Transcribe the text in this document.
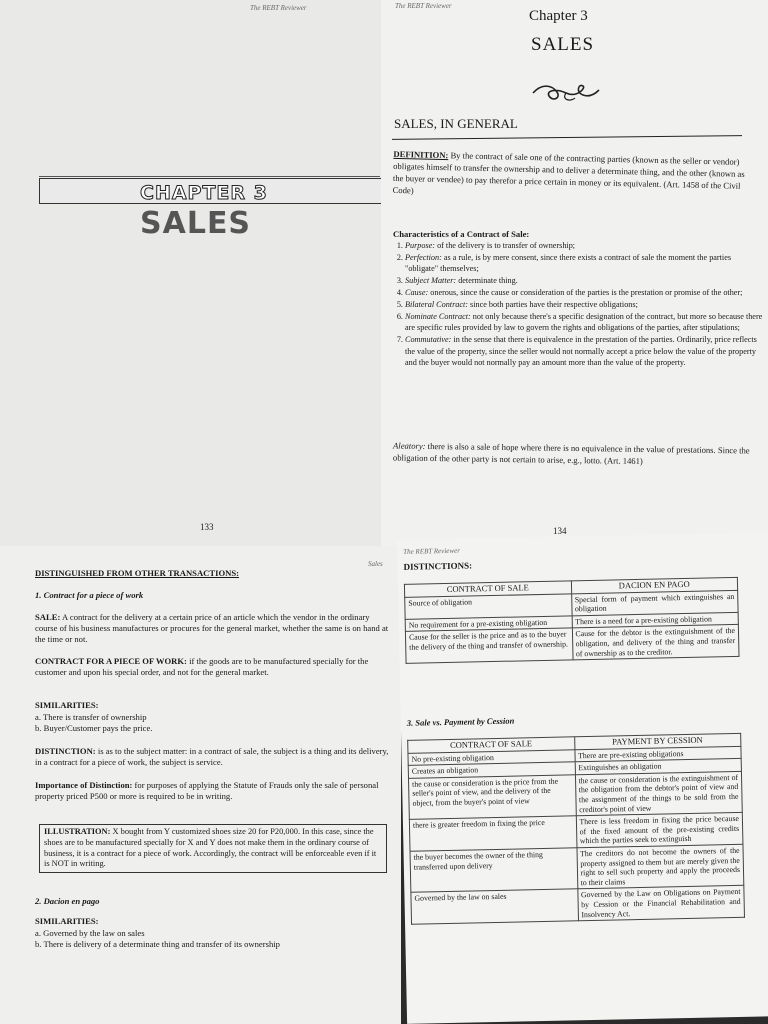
The REBT Reviewer
CHAPTER 3
SALES
133
The REBT Reviewer
Chapter 3
SALES
SALES, IN GENERAL
DEFINITION: By the contract of sale one of the contracting parties (known as the seller or vendor) obligates himself to transfer the ownership and to deliver a determinate thing, and the other (known as the buyer or vendee) to pay therefor a price certain in money or its equivalent. (Art. 1458 of the Civil Code)
Characteristics of a Contract of Sale:
1. Purpose: of the delivery is to transfer of ownership;
2. Perfection: as a rule, is by mere consent, since there exists a contract of sale the moment the parties "obligate" themselves;
3. Subject Matter: determinate thing.
4. Cause: onerous, since the cause or consideration of the parties is the prestation or promise of the other;
5. Bilateral Contract: since both parties have their respective obligations;
6. Nominate Contract: not only because there's a specific designation of the contract, but more so because there are specific rules provided by law to govern the rights and obligations of the parties, after stipulations;
7. Commutative: in the sense that there is equivalence in the prestation of the parties. Ordinarily, price reflects the value of the property, since the seller would not normally accept a price below the value of the property and the buyer would not normally pay an amount more than the value of the property.
Aleatory: there is also a sale of hope where there is no equivalence in the value of prestations. Since the obligation of the other party is not certain to arise, e.g., lotto. (Art. 1461)
134
Sales
DISTINGUISHED FROM OTHER TRANSACTIONS:
1. Contract for a piece of work
SALE: A contract for the delivery at a certain price of an article which the vendor in the ordinary course of his business manufactures or procures for the general market, whether the same is on hand at the time or not.
CONTRACT FOR A PIECE OF WORK: if the goods are to be manufactured specially for the customer and upon his special order, and not for the general market.
SIMILARITIES:
a. There is transfer of ownership
b. Buyer/Customer pays the price.
DISTINCTION: is as to the subject matter: in a contract of sale, the subject is a thing and its delivery, in a contract for a piece of work, the subject is service.
Importance of Distinction: for purposes of applying the Statute of Frauds only the sale of personal property priced P500 or more is required to be in writing.
ILLUSTRATION: X bought from Y customized shoes size 20 for P20,000. In this case, since the shoes are to be manufactured specially for X and Y does not make them in the ordinary course of business, it is a contract for a piece of work. Accordingly, the contract will be enforceable even if it is NOT in writing.
2. Dacion en pago
SIMILARITIES:
a. Governed by the law on sales
b. There is delivery of a determinate thing and transfer of its ownership
The REBT Reviewer
DISTINCTIONS:
CONTRACT OF SALE	DACION EN PAGO
Source of obligation	Special form of payment which extinguishes an obligation
No requirement for a pre-existing obligation	There is a need for a pre-existing obligation
Cause for the seller is the price and as to the buyer the delivery of the thing and transfer of ownership.	Cause for the debtor is the extinguishment of the obligation, and delivery of the thing and transfer of ownership as to the creditor.
3. Sale vs. Payment by Cession
CONTRACT OF SALE	PAYMENT BY CESSION
No pre-existing obligation	There are pre-existing obligations
Creates an obligation	Extinguishes an obligation
the cause or consideration is the price from the seller's point of view, and the delivery of the object, from the buyer's point of view	the cause or consideration is the extinguishment of the obligation from the debtor's point of view and the assignment of the things to be sold from the creditor's point of view
there is greater freedom in fixing the price	There is less freedom in fixing the price because of the fixed amount of the pre-existing credits which the parties seek to extinguish
the buyer becomes the owner of the thing transferred upon delivery	The creditors do not become the owners of the property assigned to them but are merely given the right to sell such property and apply the proceeds to their claims
Governed by the law on sales	Governed by the Law on Obligations on Payment by Cession or the Financial Rehabilitation and Insolvency Act.
